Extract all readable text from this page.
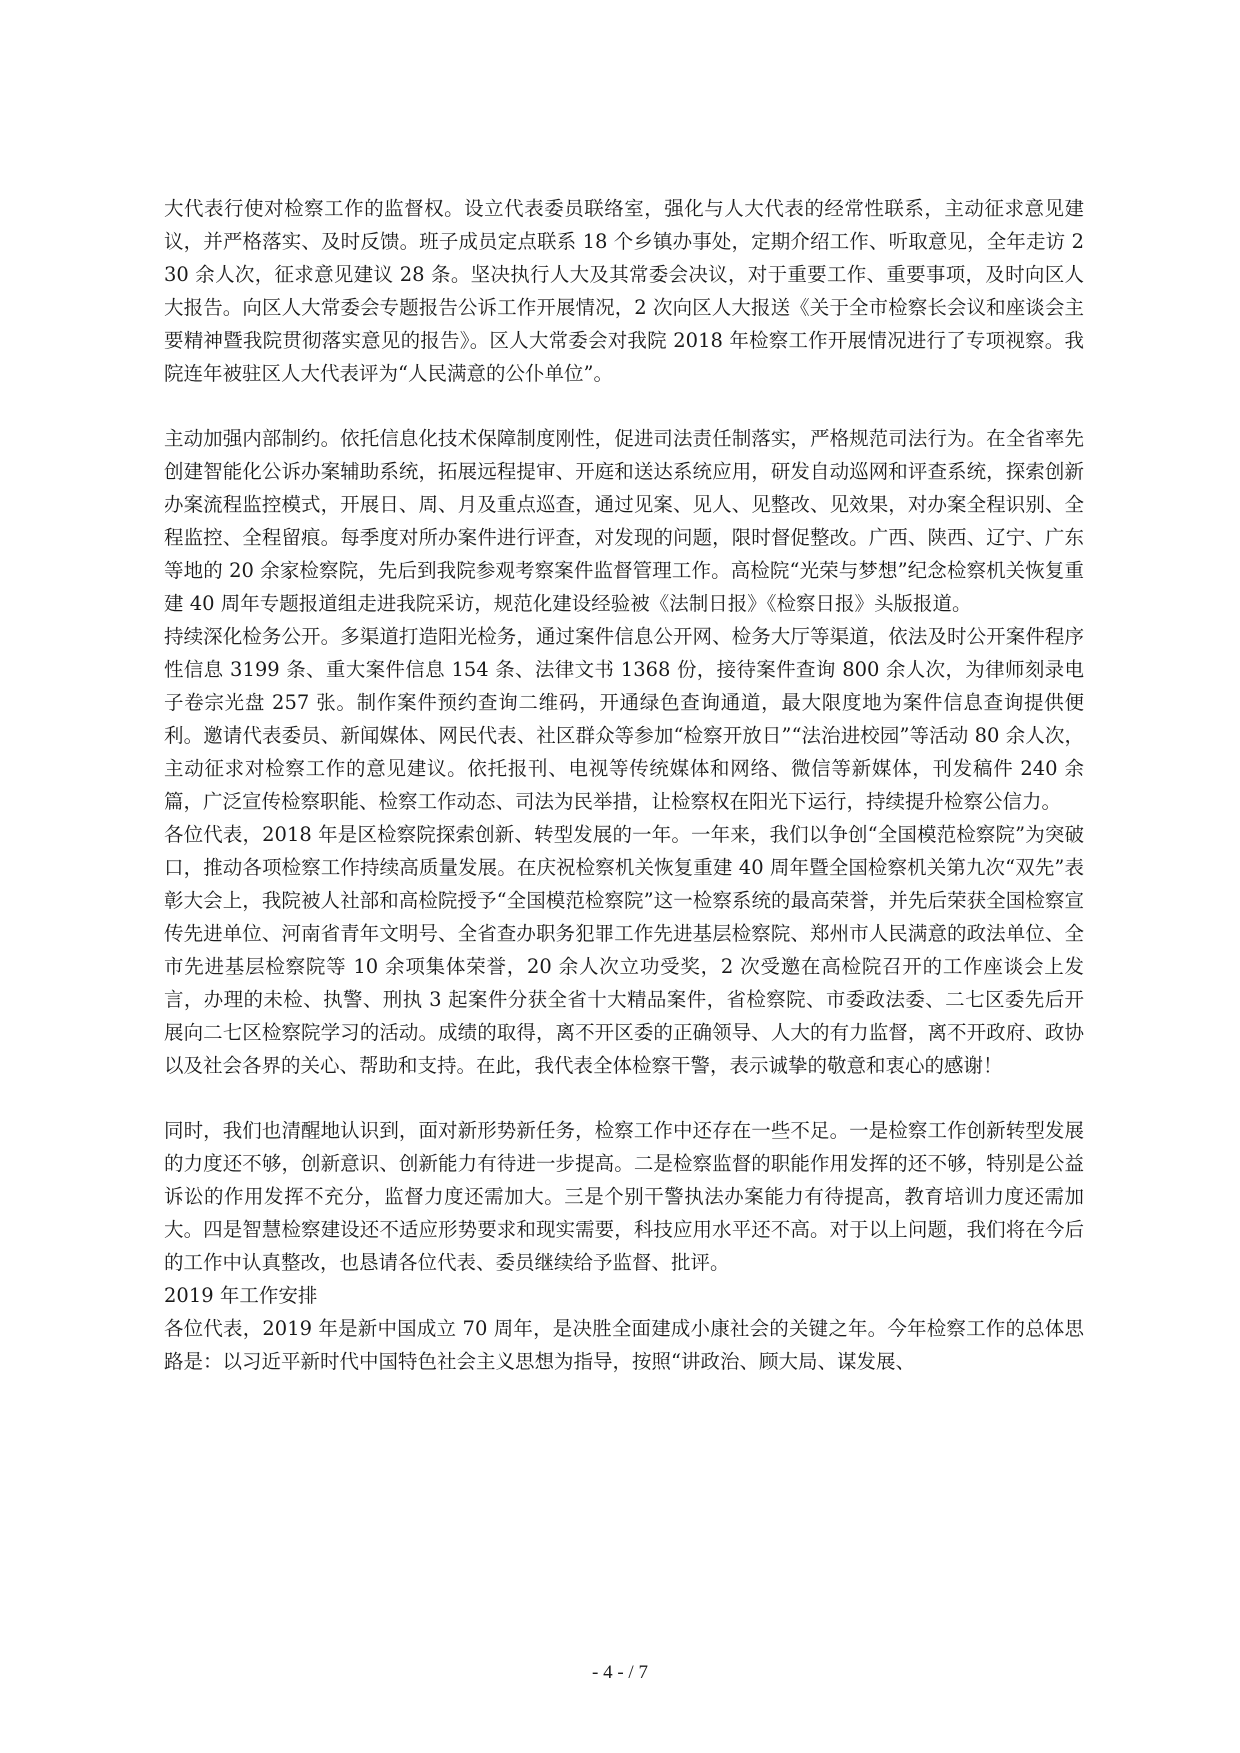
大代表行使对检察工作的监督权。设立代表委员联络室，强化与人大代表的经常性联系，主动征求意见建议，并严格落实、及时反馈。班子成员定点联系 18 个乡镇办事处，定期介绍工作、听取意见，全年走访 230 余人次，征求意见建议 28 条。坚决执行人大及其常委会决议，对于重要工作、重要事项，及时向区人大报告。向区人大常委会专题报告公诉工作开展情况，2 次向区人大报送《关于全市检察长会议和座谈会主要精神暨我院贯彻落实意见的报告》。区人大常委会对我院 2018 年检察工作开展情况进行了专项视察。我院连年被驻区人大代表评为“人民满意的公仆单位”。

主动加强内部制约。依托信息化技术保障制度刚性，促进司法责任制落实，严格规范司法行为。在全省率先创建智能化公诉办案辅助系统，拓展远程提审、开庭和送达系统应用，研发自动巡网和评查系统，探索创新办案流程监控模式，开展日、周、月及重点巡查，通过见案、见人、见整改、见效果，对办案全程识别、全程监控、全程留痕。每季度对所办案件进行评查，对发现的问题，限时督促整改。广西、陕西、辽宁、广东等地的 20 余家检察院，先后到我院参观考察案件监督管理工作。高检院“光荣与梦想”纪念检察机关恢复重建 40 周年专题报道组走进我院采访，规范化建设经验被《法制日报》《检察日报》头版报道。

持续深化检务公开。多渠道打造阳光检务，通过案件信息公开网、检务大厅等渠道，依法及时公开案件程序性信息 3199 条、重大案件信息 154 条、法律文书 1368 份，接待案件查询 800 余人次，为律师刻录电子卷宗光盘 257 张。制作案件预约查询二维码，开通绿色查询通道，最大限度地为案件信息查询提供便利。邀请代表委员、新闻媒体、网民代表、社区群众等参加“检察开放日”“法治进校园”等活动 80 余人次，主动征求对检察工作的意见建议。依托报刊、电视等传统媒体和网络、微信等新媒体，刊发稿件 240 余篇，广泛宣传检察职能、检察工作动态、司法为民举措，让检察权在阳光下运行，持续提升检察公信力。

各位代表，2018 年是区检察院探索创新、转型发展的一年。一年来，我们以争创“全国模范检察院”为突破口，推动各项检察工作持续高质量发展。在庆祝检察机关恢复重建 40 周年暨全国检察机关第九次“双先”表彰大会上，我院被人社部和高检院授予“全国模范检察院”这一检察系统的最高荣誉，并先后荣获全国检察宣传先进单位、河南省青年文明号、全省查办职务犯罪工作先进基层检察院、郑州市人民满意的政法单位、全市先进基层检察院等 10 余项集体荣誉，20 余人次立功受奖，2 次受邀在高检院召开的工作座谈会上发言，办理的未检、执警、刑执 3 起案件分获全省十大精品案件，省检察院、市委政法委、二七区委先后开展向二七区检察院学习的活动。成绩的取得，离不开区委的正确领导、人大的有力监督，离不开政府、政协以及社会各界的关心、帮助和支持。在此，我代表全体检察干警，表示诚挚的敬意和衷心的感谢！

同时，我们也清醒地认识到，面对新形势新任务，检察工作中还存在一些不足。一是检察工作创新转型发展的力度还不够，创新意识、创新能力有待进一步提高。二是检察监督的职能作用发挥的还不够，特别是公益诉讼的作用发挥不充分，监督力度还需加大。三是个别干警执法办案能力有待提高，教育培训力度还需加大。四是智慧检察建设还不适应形势要求和现实需要，科技应用水平还不高。对于以上问题，我们将在今后的工作中认真整改，也恳请各位代表、委员继续给予监督、批评。

2019 年工作安排

各位代表，2019 年是新中国成立 70 周年，是决胜全面建成小康社会的关键之年。今年检察工作的总体思路是：以习近平新时代中国特色社会主义思想为指导，按照“讲政治、顾大局、谋发展、

- 4 - / 7
